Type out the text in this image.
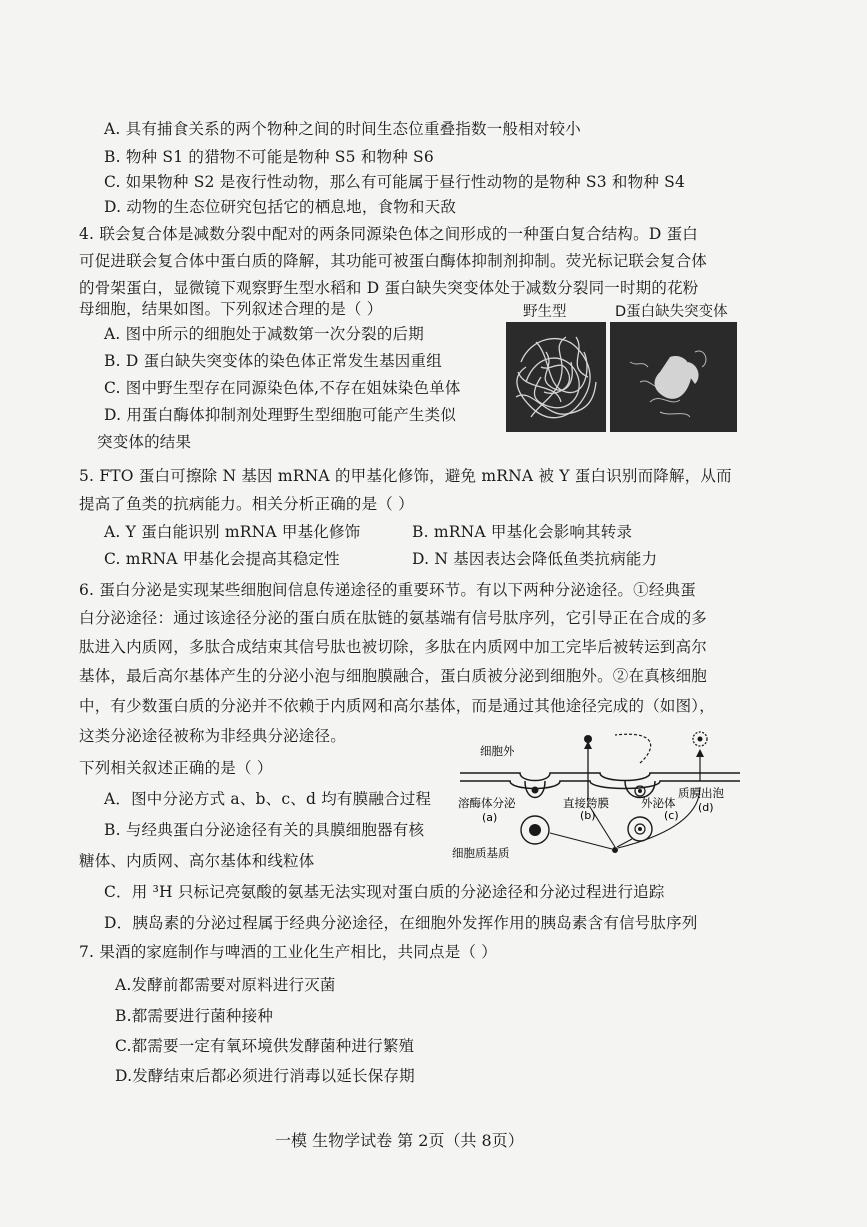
A. 具有捕食关系的两个物种之间的时间生态位重叠指数一般相对较小
B. 物种 S1 的猎物不可能是物种 S5 和物种 S6
C. 如果物种 S2 是夜行性动物，那么有可能属于昼行性动物的是物种 S3 和物种 S4
D. 动物的生态位研究包括它的栖息地，食物和天敌
4. 联会复合体是减数分裂中配对的两条同源染色体之间形成的一种蛋白复合结构。D 蛋白
可促进联会复合体中蛋白质的降解，其功能可被蛋白酶体抑制剂抑制。荧光标记联会复合体
的骨架蛋白，显微镜下观察野生型水稻和 D 蛋白缺失突变体处于减数分裂同一时期的花粉
母细胞，结果如图。下列叙述合理的是（ ）
A. 图中所示的细胞处于减数第一次分裂的后期
B. D 蛋白缺失突变体的染色体正常发生基因重组
C. 图中野生型存在同源染色体,不存在姐妹染色单体
D. 用蛋白酶体抑制剂处理野生型细胞可能产生类似
突变体的结果
野生型	D蛋白缺失突变体
5. FTO 蛋白可擦除 N 基因 mRNA 的甲基化修饰，避免 mRNA 被 Y 蛋白识别而降解，从而
提高了鱼类的抗病能力。相关分析正确的是（ ）
A. Y 蛋白能识别 mRNA 甲基化修饰	B. mRNA 甲基化会影响其转录
C. mRNA 甲基化会提高其稳定性	D. N 基因表达会降低鱼类抗病能力
6. 蛋白分泌是实现某些细胞间信息传递途径的重要环节。有以下两种分泌途径。①经典蛋
白分泌途径：通过该途径分泌的蛋白质在肽链的氨基端有信号肽序列，它引导正在合成的多
肽进入内质网，多肽合成结束其信号肽也被切除，多肽在内质网中加工完毕后被转运到高尔
基体，最后高尔基体产生的分泌小泡与细胞膜融合，蛋白质被分泌到细胞外。②在真核细胞
中，有少数蛋白质的分泌并不依赖于内质网和高尔基体，而是通过其他途径完成的（如图），
这类分泌途径被称为非经典分泌途径。
下列相关叙述正确的是（ ）
A．图中分泌方式 a、b、c、d 均有膜融合过程
B. 与经典蛋白分泌途径有关的具膜细胞器有核
糖体、内质网、高尔基体和线粒体
C．用 ³H 只标记亮氨酸的氨基无法实现对蛋白质的分泌途径和分泌过程进行追踪
D．胰岛素的分泌过程属于经典分泌途径，在细胞外发挥作用的胰岛素含有信号肽序列
细胞外
溶酶体分泌
(a)
直接跨膜
(b)
外泌体
(c)
质膜出泡
(d)
细胞质基质
7. 果酒的家庭制作与啤酒的工业化生产相比，共同点是（ ）
A.发酵前都需要对原料进行灭菌
B.都需要进行菌种接种
C.都需要一定有氧环境供发酵菌种进行繁殖
D.发酵结束后都必须进行消毒以延长保存期
一模 生物学试卷 第 2页（共 8页）
